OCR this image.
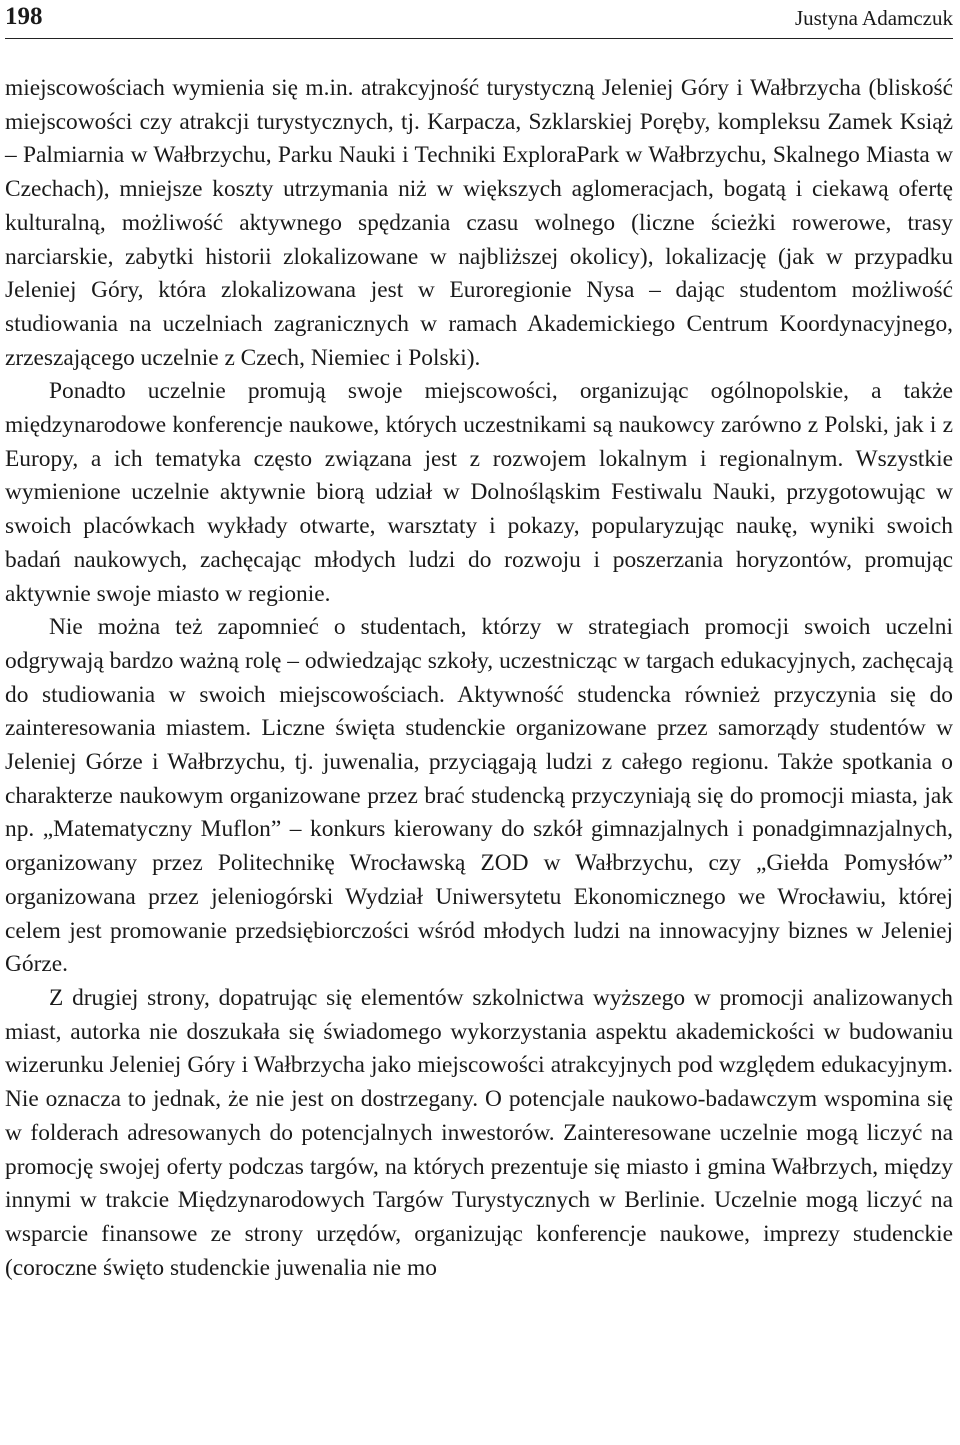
198	Justyna Adamczuk

miejscowościach wymienia się m.in. atrakcyjność turystyczną Jeleniej Góry i Wałbrzycha (bliskość miejscowości czy atrakcji turystycznych, tj. Karpacza, Szklarskiej Poręby, kompleksu Zamek Książ – Palmiarnia w Wałbrzychu, Parku Nauki i Techniki ExploraPark w Wałbrzychu, Skalnego Miasta w Czechach), mniejsze koszty utrzymania niż w większych aglomeracjach, bogatą i ciekawą ofertę kulturalną, możliwość aktywnego spędzania czasu wolnego (liczne ścieżki rowerowe, trasy narciarskie, zabytki historii zlokalizowane w najbliższej okolicy), lokalizację (jak w przypadku Jeleniej Góry, która zlokalizowana jest w Euroregionie Nysa – dając studentom możliwość studiowania na uczelniach zagranicznych w ramach Akademickiego Centrum Koordynacyjnego, zrzeszającego uczelnie z Czech, Niemiec i Polski).

Ponadto uczelnie promują swoje miejscowości, organizując ogólnopolskie, a także międzynarodowe konferencje naukowe, których uczestnikami są naukowcy zarówno z Polski, jak i z Europy, a ich tematyka często związana jest z rozwojem lokalnym i regionalnym. Wszystkie wymienione uczelnie aktywnie biorą udział w Dolnośląskim Festiwalu Nauki, przygotowując w swoich placówkach wykłady otwarte, warsztaty i pokazy, popularyzując naukę, wyniki swoich badań naukowych, zachęcając młodych ludzi do rozwoju i poszerzania horyzontów, promując aktywnie swoje miasto w regionie.

Nie można też zapomnieć o studentach, którzy w strategiach promocji swoich uczelni odgrywają bardzo ważną rolę – odwiedzając szkoły, uczestnicząc w targach edukacyjnych, zachęcają do studiowania w swoich miejscowościach. Aktywność studencka również przyczynia się do zainteresowania miastem. Liczne święta studenckie organizowane przez samorządy studentów w Jeleniej Górze i Wałbrzychu, tj. juwenalia, przyciągają ludzi z całego regionu. Także spotkania o charakterze naukowym organizowane przez brać studencką przyczyniają się do promocji miasta, jak np. „Matematyczny Muflon” – konkurs kierowany do szkół gimnazjalnych i ponadgimnazjalnych, organizowany przez Politechnikę Wrocławską ZOD w Wałbrzychu, czy „Giełda Pomysłów” organizowana przez jeleniogórski Wydział Uniwersytetu Ekonomicznego we Wrocławiu, której celem jest promowanie przedsiębiorczości wśród młodych ludzi na innowacyjny biznes w Jeleniej Górze.

Z drugiej strony, dopatrując się elementów szkolnictwa wyższego w promocji analizowanych miast, autorka nie doszukała się świadomego wykorzystania aspektu akademickości w budowaniu wizerunku Jeleniej Góry i Wałbrzycha jako miejscowości atrakcyjnych pod względem edukacyjnym. Nie oznacza to jednak, że nie jest on dostrzegany. O potencjale naukowo-badawczym wspomina się w folderach adresowanych do potencjalnych inwestorów. Zainteresowane uczelnie mogą liczyć na promocję swojej oferty podczas targów, na których prezentuje się miasto i gmina Wałbrzych, między innymi w trakcie Międzynarodowych Targów Turystycznych w Berlinie. Uczelnie mogą liczyć na wsparcie finansowe ze strony urzędów, organizując konferencje naukowe, imprezy studenckie (coroczne święto studenckie juwenalia nie mo
